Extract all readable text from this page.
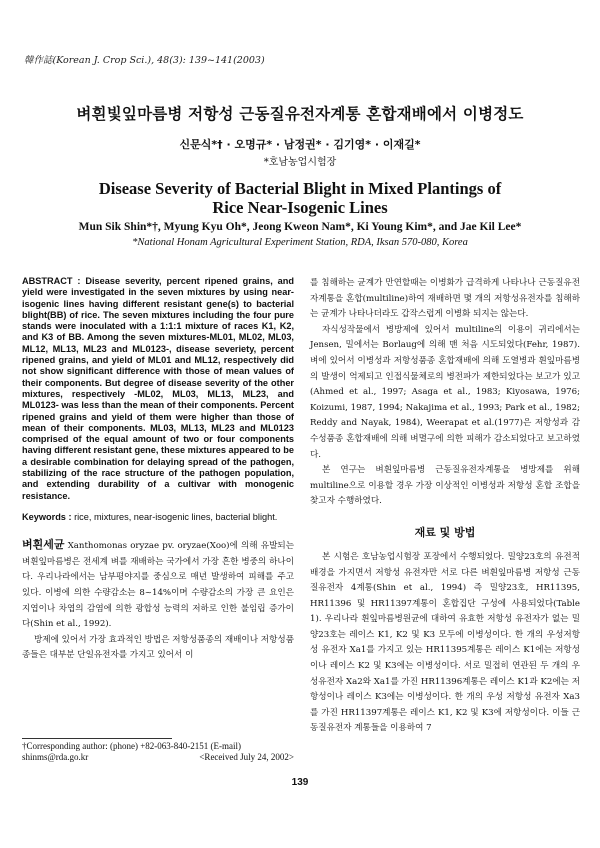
韓作誌(Korean J. Crop Sci.), 48(3): 139~141(2003)
벼흰빛잎마름병 저항성 근동질유전자계통 혼합재배에서 이병정도
신문식*† · 오명규* · 남정권* · 김기영* · 이재길*
*호남농업시험장
Disease Severity of Bacterial Blight in Mixed Plantings of
Rice Near-Isogenic Lines
Mun Sik Shin*†, Myung Kyu Oh*, Jeong Kweon Nam*, Ki Young Kim*, and Jae Kil Lee*
*National Honam Agricultural Experiment Station, RDA, Iksan 570-080, Korea

ABSTRACT : Disease severity, percent ripened grains, and yield were investigated in the seven mixtures by using near-isogenic lines having different resistant gene(s) to bacterial blight(BB) of rice. The seven mixtures including the four pure stands were inoculated with a 1:1:1 mixture of races K1, K2, and K3 of BB. Among the seven mixtures-ML01, ML02, ML03, ML12, ML13, ML23 and ML0123-, disease severiety, percent ripened grains, and yield of ML01 and ML12, respectively did not show significant difference with those of mean values of their components. But degree of disease severity of the other mixtures, respectively -ML02, ML03, ML13, ML23, and ML0123- was less than the mean of their components. Percent ripened grains and yield of them were higher than those of mean of their components. ML03, ML13, ML23 and ML0123 comprised of the equal amount of two or four components having different resistant gene, these mixtures appeared to be a desirable combination for delaying spread of the pathogen, stabilizing of the race structure of the pathogen population, and extending durability of a cultivar with monogenic resistance.

Keywords : rice, mixtures, near-isogenic lines, bacterial blight.

벼흰세균 Xanthomonas oryzae pv. oryzae(Xoo)에 의해 유발되는 벼흰잎마름병은 전세계 벼를 재배하는 국가에서 가장 흔한 병중의 하나이다. 우리나라에서는 남부평야지를 중심으로 매년 발생하여 피해를 주고 있다. 이병에 의한 수량감소는 8~14%이며 수량감소의 가장 큰 요인은 지엽이나 차엽의 감염에 의한 광합성 능력의 저하로 인한 불임립 증가이다(Shin et al., 1992).

방제에 있어서 가장 효과적인 방법은 저항성품종의 재배이나 저항성품종들은 대부분 단일유전자를 가지고 있어서 이

를 침해하는 균계가 만연할때는 이병화가 급격하게 나타나나 근동질유전자계통을 혼합(multiline)하여 재배하면 몇 개의 저항성유전자를 침해하는 균계가 나타나더라도 갑작스럽게 이병화 되지는 않는다.

자식성작물에서 병방제에 있어서 multiline의 이용이 귀리에서는 Jensen, 밀에서는 Borlaug에 의해 맨 처음 시도되었다(Fehr, 1987). 벼에 있어서 이병성과 저항성품종 혼합재배에 의해 도열병과 흰잎마름병의 발생이 억제되고 인접식물체로의 병전파가 제한되었다는 보고가 있고(Ahmed et al., 1997; Asaga et al., 1983; Kiyosawa, 1976; Koizumi, 1987, 1994; Nakajima et al., 1993; Park et al., 1982; Reddy and Nayak, 1984), Weerapat et al.(1977)은 저항성과 감수성품종 혼합재배에 의해 벼멸구에 의한 피해가 감소되었다고 보고하였다.

본 연구는 벼흰잎마름병 근동질유전자계통을 병방제를 위해 multiline으로 이용할 경우 가장 이상적인 이병성과 저항성 혼합 조합을 찾고자 수행하였다.

재료 및 방법

본 시험은 호남농업시험장 포장에서 수행되었다. 밀양23호의 유전적배경을 가지면서 저항성 유전자만 서로 다른 벼흰잎마름병 저항성 근동질유전자 4계통(Shin et al., 1994) 즉 밀양23호, HR11395, HR11396 및 HR11397계통이 혼합집단 구성에 사용되었다(Table 1). 우리나라 흰잎마름병원균에 대하여 유효한 저항성 유전자가 없는 밀양23호는 레이스 K1, K2 및 K3 모두에 이병성이다. 한 개의 우성저항성 유전자 Xa1를 가지고 있는 HR11395계통은 레이스 K1에는 저항성이나 레이스 K2 및 K3에는 이병성이다. 서로 밀접히 연관된 두 개의 우성유전자 Xa2와 Xa1를 가진 HR11396계통은 레이스 K1과 K2에는 저항성이나 레이스 K3에는 이병성이다. 한 개의 우성 저항성 유전자 Xa3를 가진 HR11397계통은 레이스 K1, K2 및 K3에 저항성이다. 이들 근동질유전자 계통들을 이용하여 7

†Corresponding author: (phone) +82-063-840-2151 (E-mail) shinms@rda.go.kr	<Received July 24, 2002>
139
